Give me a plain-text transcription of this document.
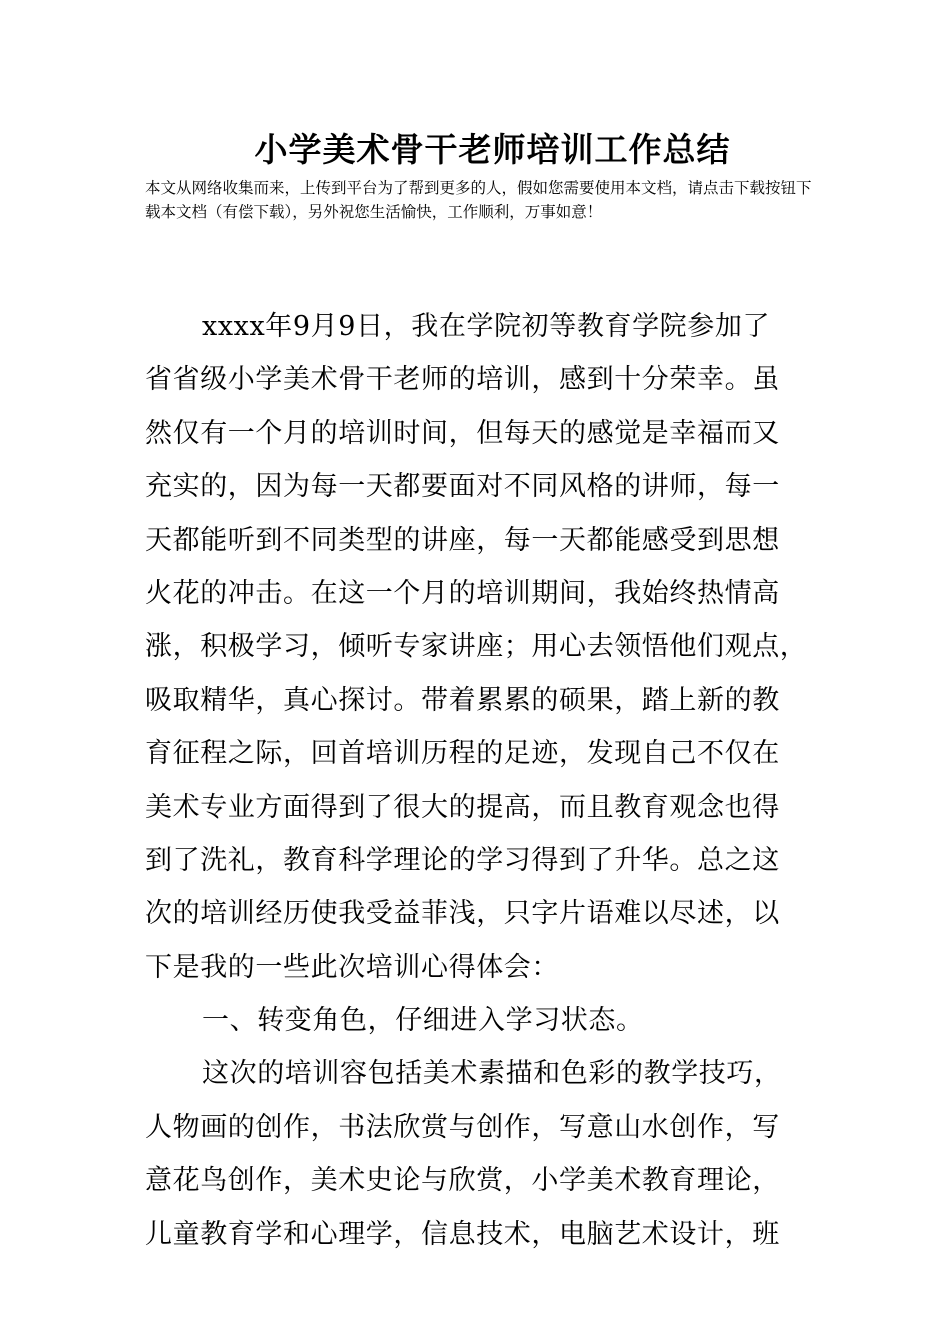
小学美术骨干老师培训工作总结

本文从网络收集而来，上传到平台为了帮到更多的人，假如您需要使用本文档，请点击下载按钮下载本文档（有偿下载），另外祝您生活愉快，工作顺利，万事如意！

xxxx年9月9日，我在学院初等教育学院参加了
省省级小学美术骨干老师的培训，感到十分荣幸。虽
然仅有一个月的培训时间，但每天的感觉是幸福而又
充实的，因为每一天都要面对不同风格的讲师，每一
天都能听到不同类型的讲座，每一天都能感受到思想
火花的冲击。在这一个月的培训期间，我始终热情高
涨，积极学习，倾听专家讲座；用心去领悟他们观点，
吸取精华，真心探讨。带着累累的硕果，踏上新的教
育征程之际，回首培训历程的足迹，发现自己不仅在
美术专业方面得到了很大的提高，而且教育观念也得
到了洗礼，教育科学理论的学习得到了升华。总之这
次的培训经历使我受益菲浅，只字片语难以尽述，以
下是我的一些此次培训心得体会：
一、转变角色，仔细进入学习状态。
这次的培训容包括美术素描和色彩的教学技巧，
人物画的创作，书法欣赏与创作，写意山水创作，写
意花鸟创作，美术史论与欣赏，小学美术教育理论，
儿童教育学和心理学，信息技术，电脑艺术设计，班
